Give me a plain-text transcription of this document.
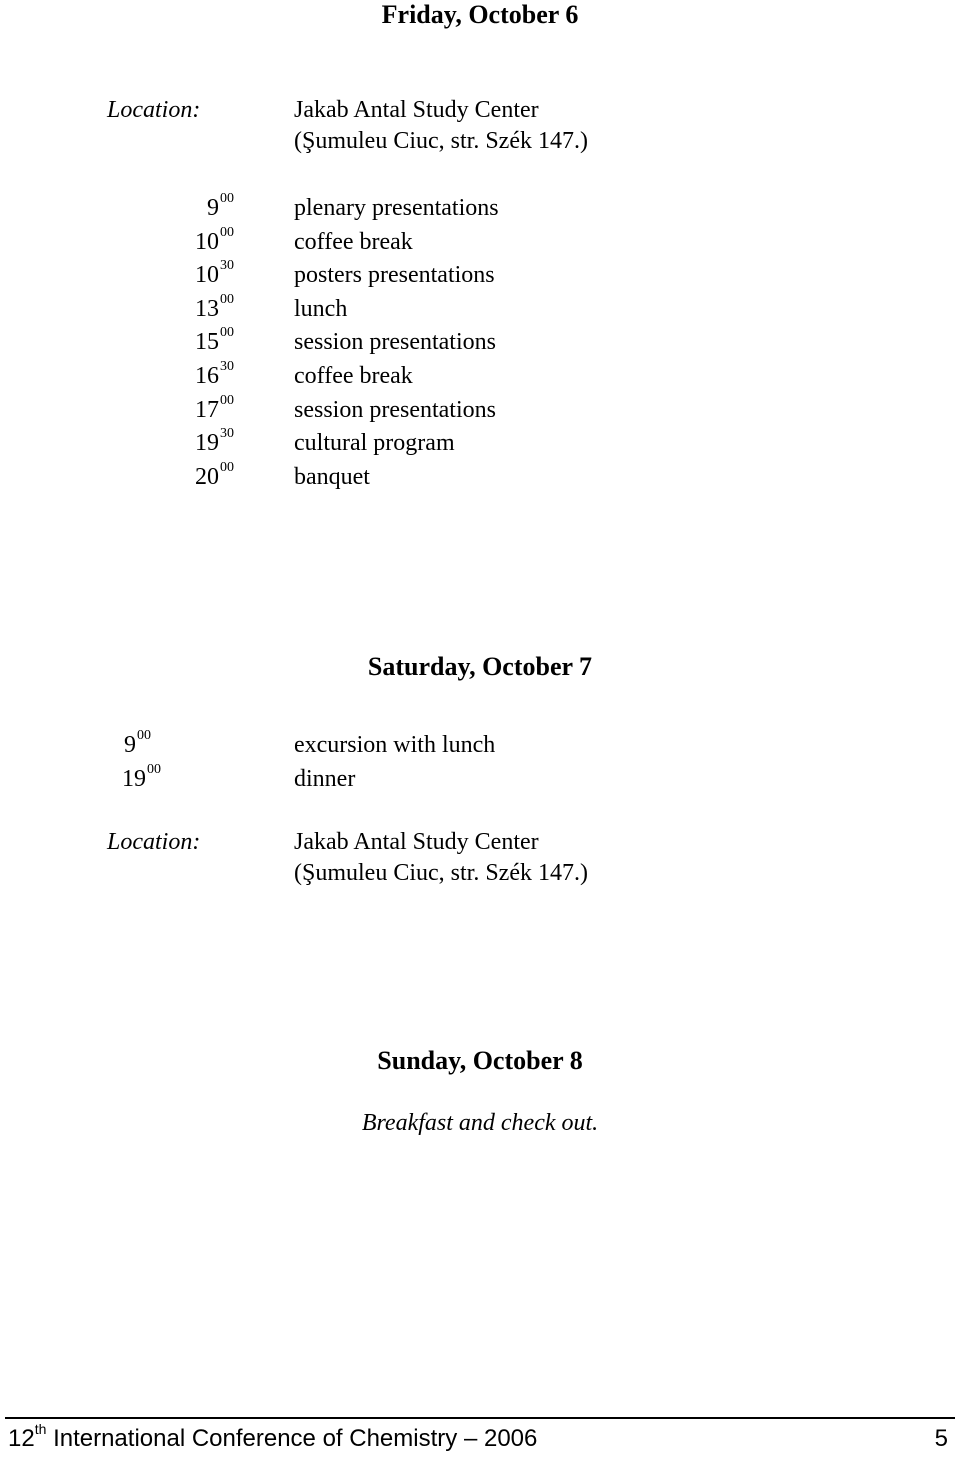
Friday, October 6
Location:	Jakab Antal Study Center
(Şumuleu Ciuc, str. Szék 147.)
$9^{00}$	plenary presentations
$10^{00}$	coffee break
$10^{30}$	posters presentations
$13^{00}$	lunch
$15^{00}$	session presentations
$16^{30}$	coffee break
$17^{00}$	session presentations
$19^{30}$	cultural program
$20^{00}$	banquet
Saturday, October 7
$9^{00}$	excursion with lunch
$19^{00}$	dinner
Location:	Jakab Antal Study Center
(Şumuleu Ciuc, str. Szék 147.)
Sunday, October 8
Breakfast and check out.
12th International Conference of Chemistry – 2006	5
